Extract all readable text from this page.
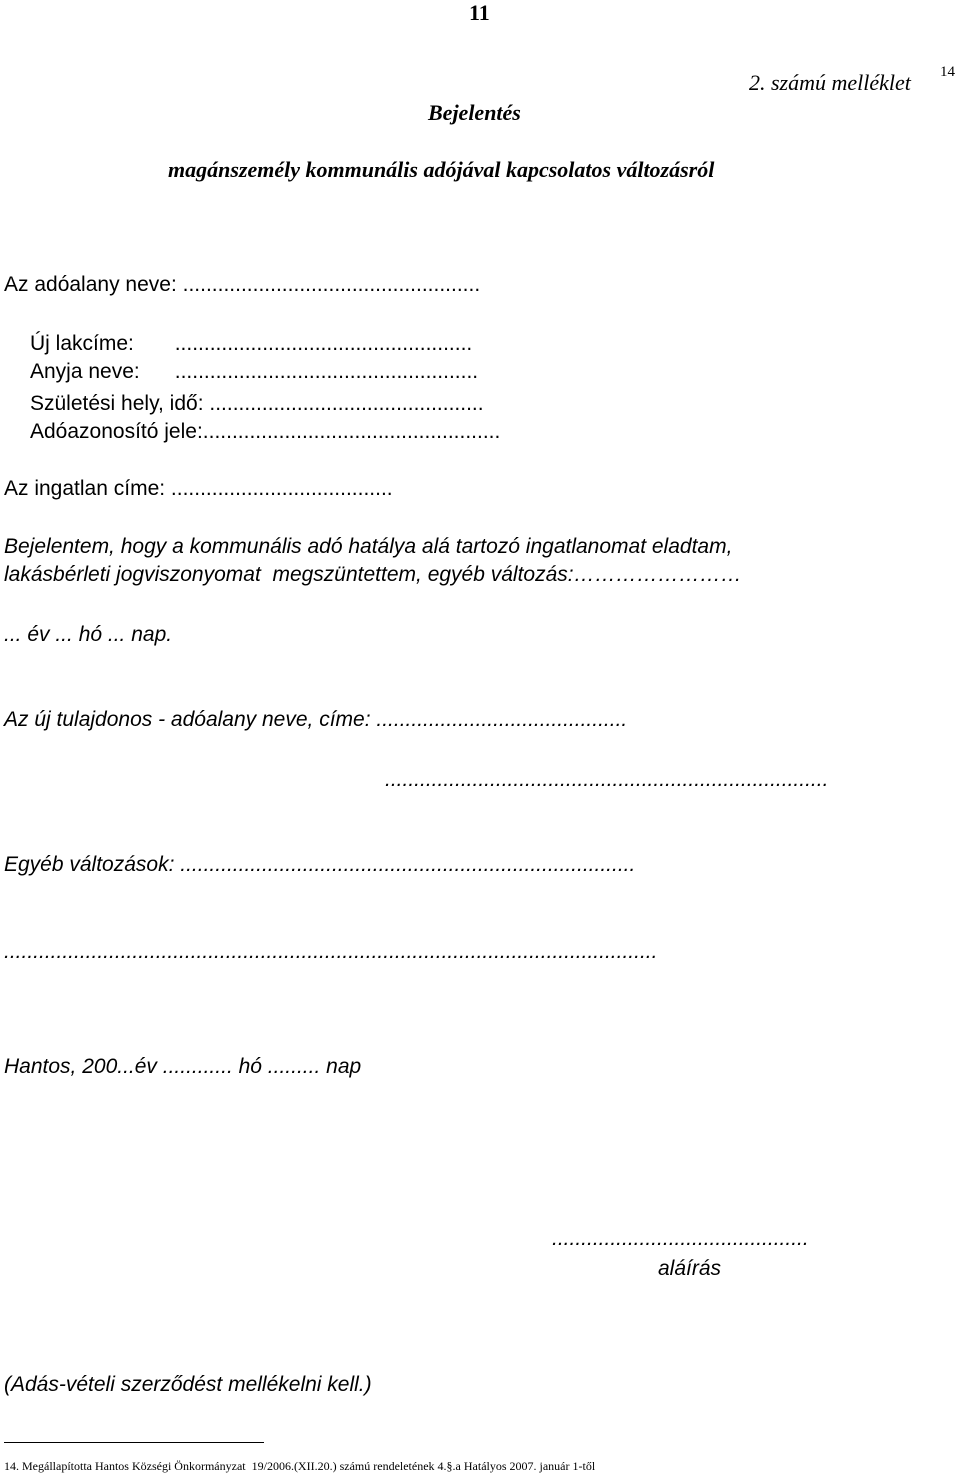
11
2. számú melléklet 14
Bejelentés
magánszemély kommunális adójával kapcsolatos változásról
Az adóalany neve: ...................................................
Új lakcíme:       ...................................................
Anyja neve:      ....................................................
Születési hely, idő: ...............................................
Adóazonosító jele:...................................................
Az ingatlan címe: ......................................
Bejelentem, hogy a kommunális adó hatálya alá tartozó ingatlanomat eladtam,
lakásbérleti jogviszonyomat  megszüntettem, egyéb változás:……………………
... év ... hó ... nap.
Az új tulajdonos - adóalany neve, címe: ...........................................
............................................................................
Egyéb változások: ..............................................................................
................................................................................................................
Hantos, 200...év ............ hó ......... nap
............................................
aláírás
(Adás-vételi szerződést mellékelni kell.)
14. Megállapította Hantos Községi Önkormányzat  19/2006.(XII.20.) számú rendeletének 4.§.a Hatályos 2007. január 1-től
